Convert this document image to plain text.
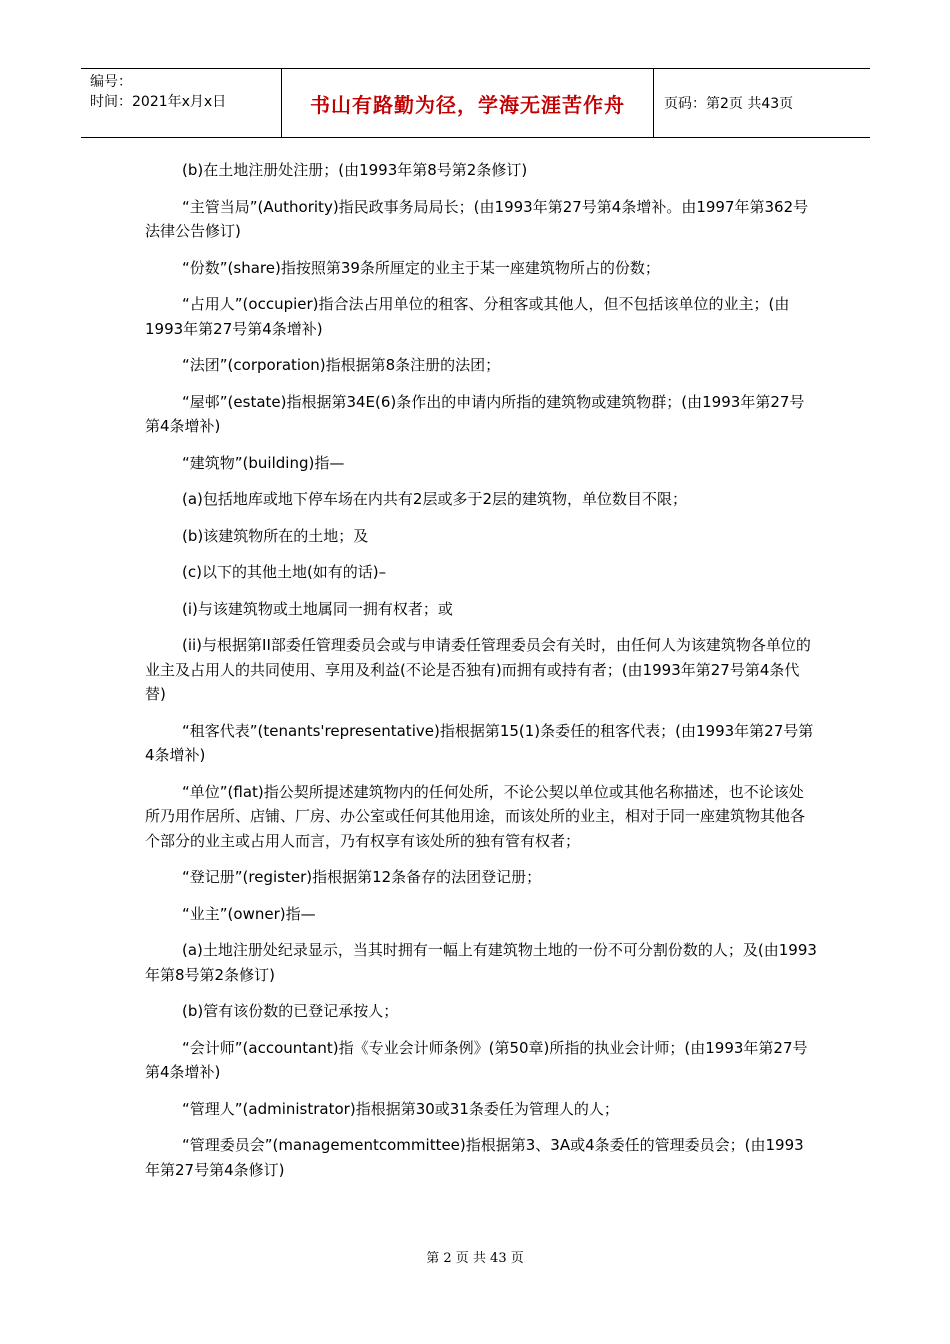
编号：
时间：2021年x月x日	书山有路勤为径，学海无涯苦作舟	页码：第2页 共43页

(b)在土地注册处注册；(由1993年第8号第2条修订)

“主管当局”(Authority)指民政事务局局长；(由1993年第27号第4条增补。由1997年第362号法律公告修订)

“份数”(share)指按照第39条所厘定的业主于某一座建筑物所占的份数；

“占用人”(occupier)指合法占用单位的租客、分租客或其他人，但不包括该单位的业主；(由1993年第27号第4条增补)

“法团”(corporation)指根据第8条注册的法团；

“屋邨”(estate)指根据第34E(6)条作出的申请内所指的建筑物或建筑物群；(由1993年第27号第4条增补)

“建筑物”(building)指—

(a)包括地库或地下停车场在内共有2层或多于2层的建筑物，单位数目不限；

(b)该建筑物所在的土地；及

(c)以下的其他土地(如有的话)–

(i)与该建筑物或土地属同一拥有权者；或

(ii)与根据第II部委任管理委员会或与申请委任管理委员会有关时，由任何人为该建筑物各单位的业主及占用人的共同使用、享用及利益(不论是否独有)而拥有或持有者；(由1993年第27号第4条代替)

“租客代表”(tenants'representative)指根据第15(1)条委任的租客代表；(由1993年第27号第4条增补)

“单位”(flat)指公契所提述建筑物内的任何处所，不论公契以单位或其他名称描述，也不论该处所乃用作居所、店铺、厂房、办公室或任何其他用途，而该处所的业主，相对于同一座建筑物其他各个部分的业主或占用人而言，乃有权享有该处所的独有管有权者；

“登记册”(register)指根据第12条备存的法团登记册；

“业主”(owner)指—

(a)土地注册处纪录显示，当其时拥有一幅上有建筑物土地的一份不可分割份数的人；及(由1993年第8号第2条修订)

(b)管有该份数的已登记承按人；

“会计师”(accountant)指《专业会计师条例》(第50章)所指的执业会计师；(由1993年第27号第4条增补)

“管理人”(administrator)指根据第30或31条委任为管理人的人；

“管理委员会”(managementcommittee)指根据第3、3A或4条委任的管理委员会；(由1993年第27号第4条修订)

第 2 页 共 43 页
